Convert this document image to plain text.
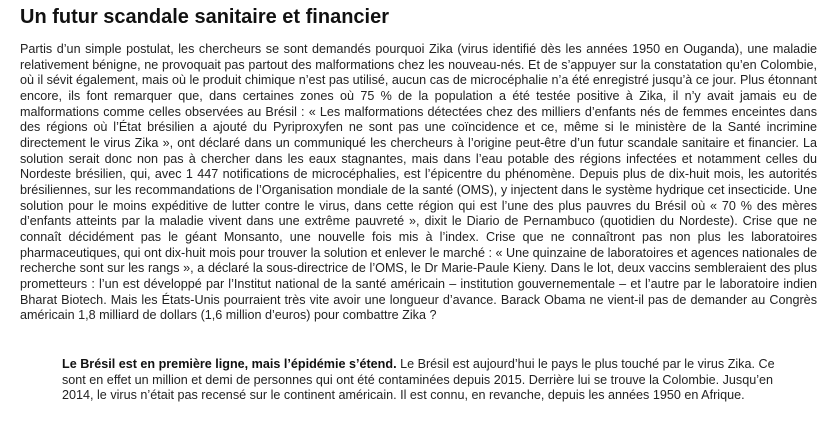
Un futur scandale sanitaire et financier

Partis d’un simple postulat, les chercheurs se sont demandés pourquoi Zika (virus identifié dès les années 1950 en Ouganda), une maladie relativement bénigne, ne provoquait pas partout des malformations chez les nouveau-nés. Et de s’appuyer sur la constatation qu’en Colombie, où il sévit également, mais où le produit chimique n’est pas utilisé, aucun cas de microcéphalie n’a été enregistré jusqu’à ce jour. Plus étonnant encore, ils font remarquer que, dans certaines zones où 75 % de la population a été testée positive à Zika, il n’y avait jamais eu de malformations comme celles observées au Brésil : « Les malformations détectées chez des milliers d’enfants nés de femmes enceintes dans des régions où l’État brésilien a ajouté du Pyriproxyfen ne sont pas une coïncidence et ce, même si le ministère de la Santé incrimine directement le virus Zika », ont déclaré dans un communiqué les chercheurs à l’origine peut-être d’un futur scandale sanitaire et financier. La solution serait donc non pas à chercher dans les eaux stagnantes, mais dans l’eau potable des régions infectées et notamment celles du Nordeste brésilien, qui, avec 1 447 notifications de microcéphalies, est l’épicentre du phénomène. Depuis plus de dix-huit mois, les autorités brésiliennes, sur les recommandations de l’Organisation mondiale de la santé (OMS), y injectent dans le système hydrique cet insecticide. Une solution pour le moins expéditive de lutter contre le virus, dans cette région qui est l’une des plus pauvres du Brésil où « 70 % des mères d’enfants atteints par la maladie vivent dans une extrême pauvreté », dixit le Diario de Pernambuco (quotidien du Nordeste). Crise que ne connaît décidément pas le géant Monsanto, une nouvelle fois mis à l’index. Crise que ne connaîtront pas non plus les laboratoires pharmaceutiques, qui ont dix-huit mois pour trouver la solution et enlever le marché : « Une quinzaine de laboratoires et agences nationales de recherche sont sur les rangs », a déclaré la sous-directrice de l’OMS, le Dr Marie-Paule Kieny. Dans le lot, deux vaccins sembleraient des plus prometteurs : l’un est développé par l’Institut national de la santé américain – institution gouvernementale – et l’autre par le laboratoire indien Bharat Biotech. Mais les États-Unis pourraient très vite avoir une longueur d’avance. Barack Obama ne vient-il pas de demander au Congrès américain 1,8 milliard de dollars (1,6 million d’euros) pour combattre Zika ?

Le Brésil est en première ligne, mais l’épidémie s’étend. Le Brésil est aujourd’hui le pays le plus touché par le virus Zika. Ce sont en effet un million et demi de personnes qui ont été contaminées depuis 2015. Derrière lui se trouve la Colombie. Jusqu’en 2014, le virus n’était pas recensé sur le continent américain. Il est connu, en revanche, depuis les années 1950 en Afrique.
